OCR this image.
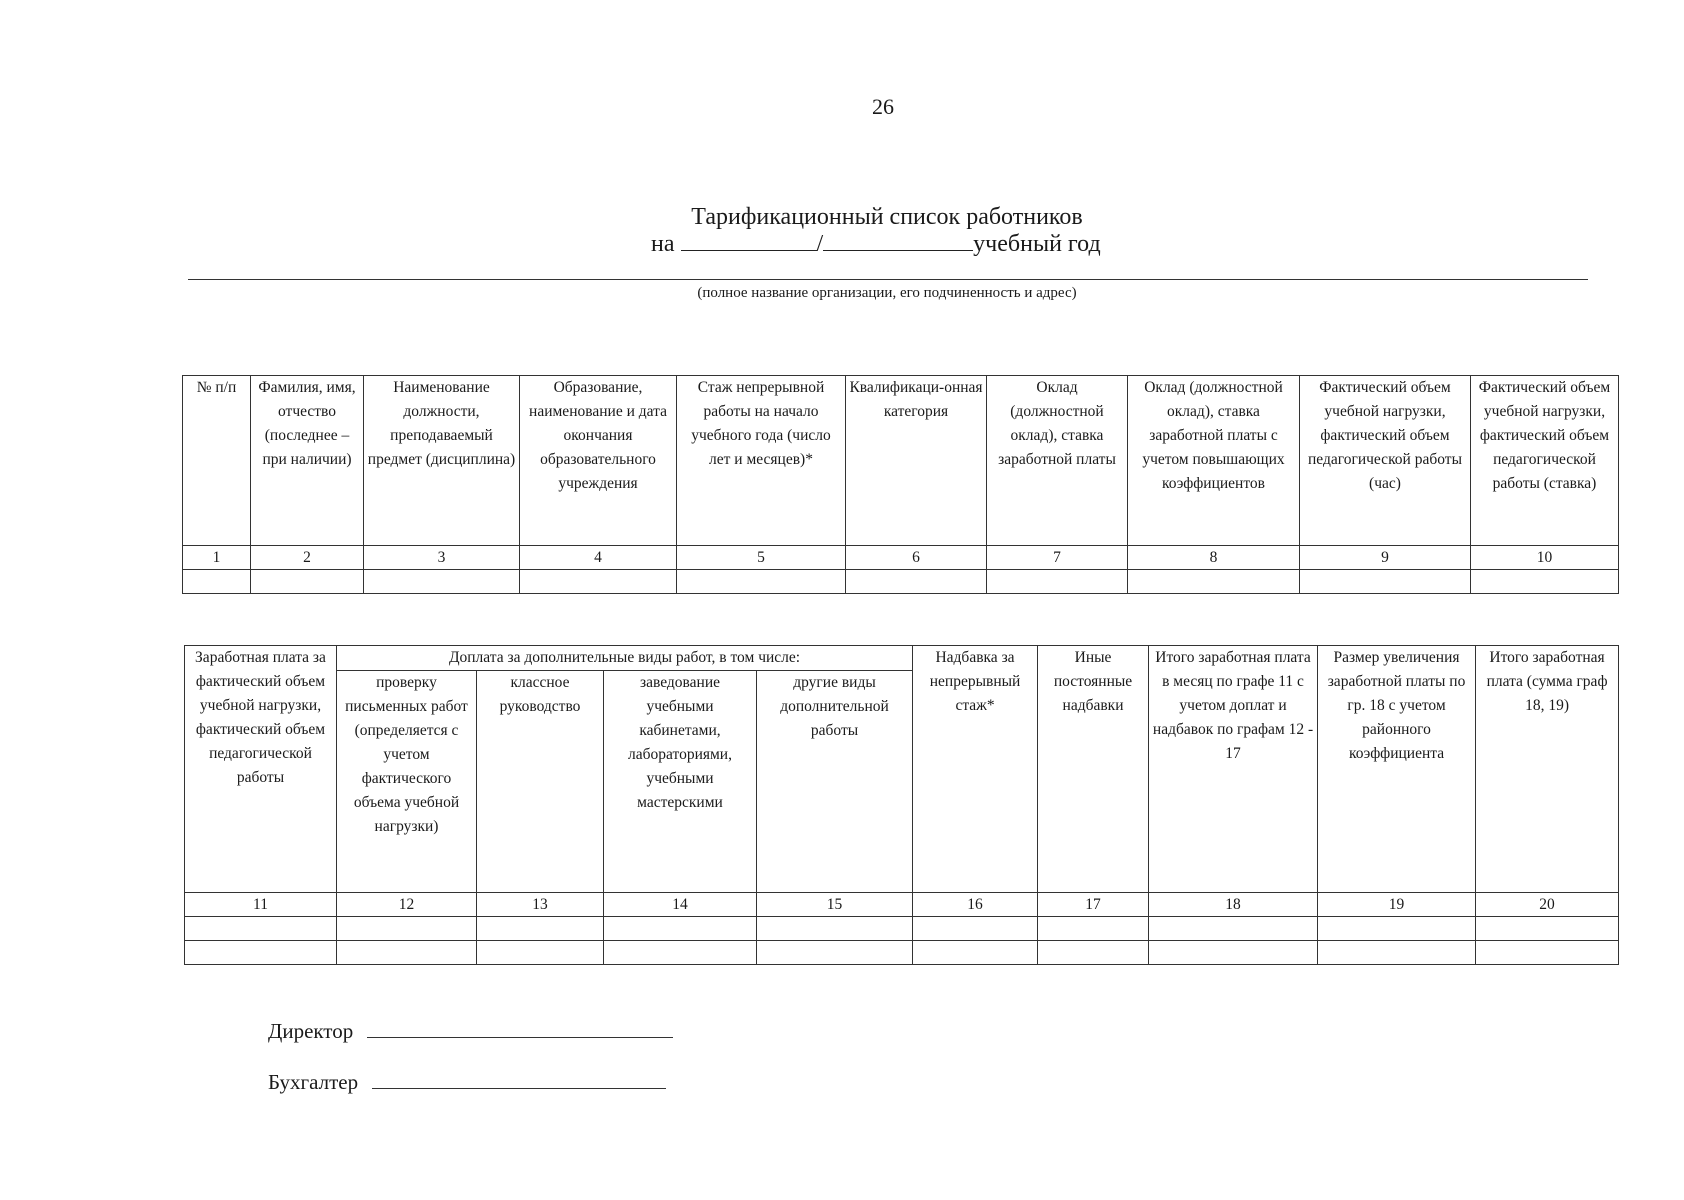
26
Тарификационный список работников
на	/	учебный год
(полное название организации, его подчиненность и адрес)
№ п/п	Фамилия, имя, отчество (последнее – при наличии)	Наименование должности, преподаваемый предмет (дисциплина)	Образование, наименование и дата окончания образовательного учреждения	Стаж непрерывной работы на начало учебного года (число лет и месяцев)*	Квалификаци-онная категория	Оклад (должностной оклад), ставка заработной платы	Оклад (должностной оклад), ставка заработной платы с учетом повышающих коэффициентов	Фактический объем учебной нагрузки, фактический объем педагогической работы (час)	Фактический объем учебной нагрузки, фактический объем педагогической работы (ставка)
1	2	3	4	5	6	7	8	9	10

Заработная плата за фактический объем учебной нагрузки, фактический объем педагогической работы	Доплата за дополнительные виды работ, в том числе:				Надбавка за непрерывный стаж*	Иные постоянные надбавки	Итого заработная плата в месяц по графе 11 с учетом доплат и надбавок по графам 12 - 17	Размер увеличения заработной платы по гр. 18 с учетом районного коэффициента	Итого заработная плата (сумма граф 18, 19)
	проверку письменных работ (определяется с учетом фактического объема учебной нагрузки)	классное руководство	заведование учебными кабинетами, лабораториями, учебными мастерскими	другие виды дополнительной работы					
11	12	13	14	15	16	17	18	19	20

Директор
Бухгалтер
